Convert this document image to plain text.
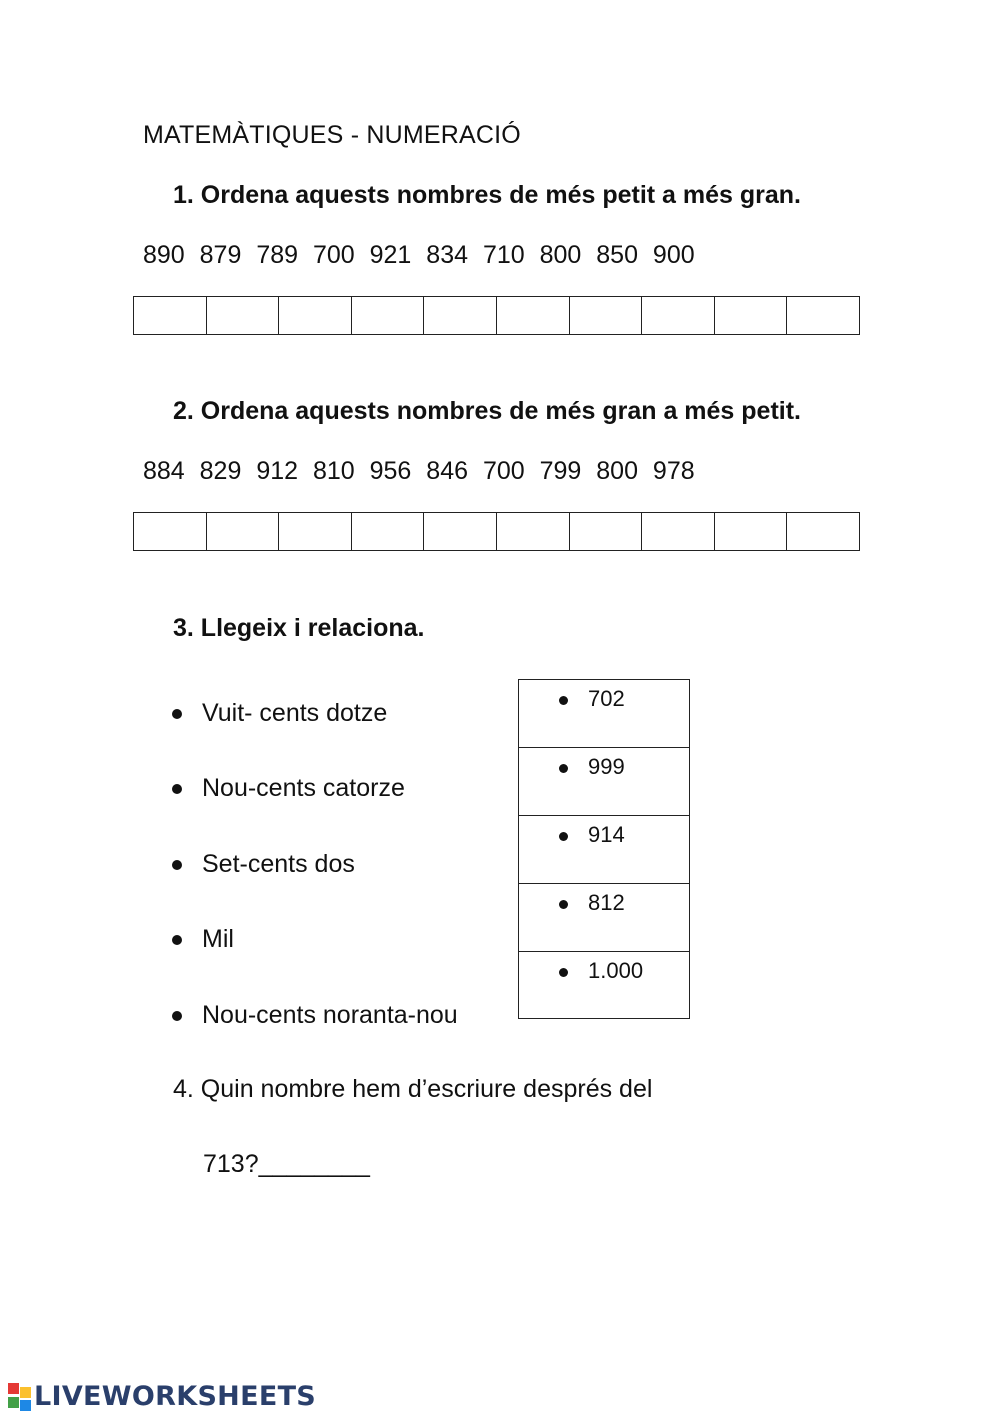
MATEMÀTIQUES - NUMERACIÓ
1. Ordena aquests nombres de més petit a més gran.
890 879 789 700 921 834 710 800 850 900
2. Ordena aquests nombres de més gran a més petit.
884 829 912 810 956 846 700 799 800 978
3. Llegeix i relaciona.
Vuit- cents dotze
Nou-cents catorze
Set-cents dos
Mil
Nou-cents noranta-nou
702
999
914
812
1.000
4. Quin nombre hem d’escriure després del
713?________
LIVEWORKSHEETS
